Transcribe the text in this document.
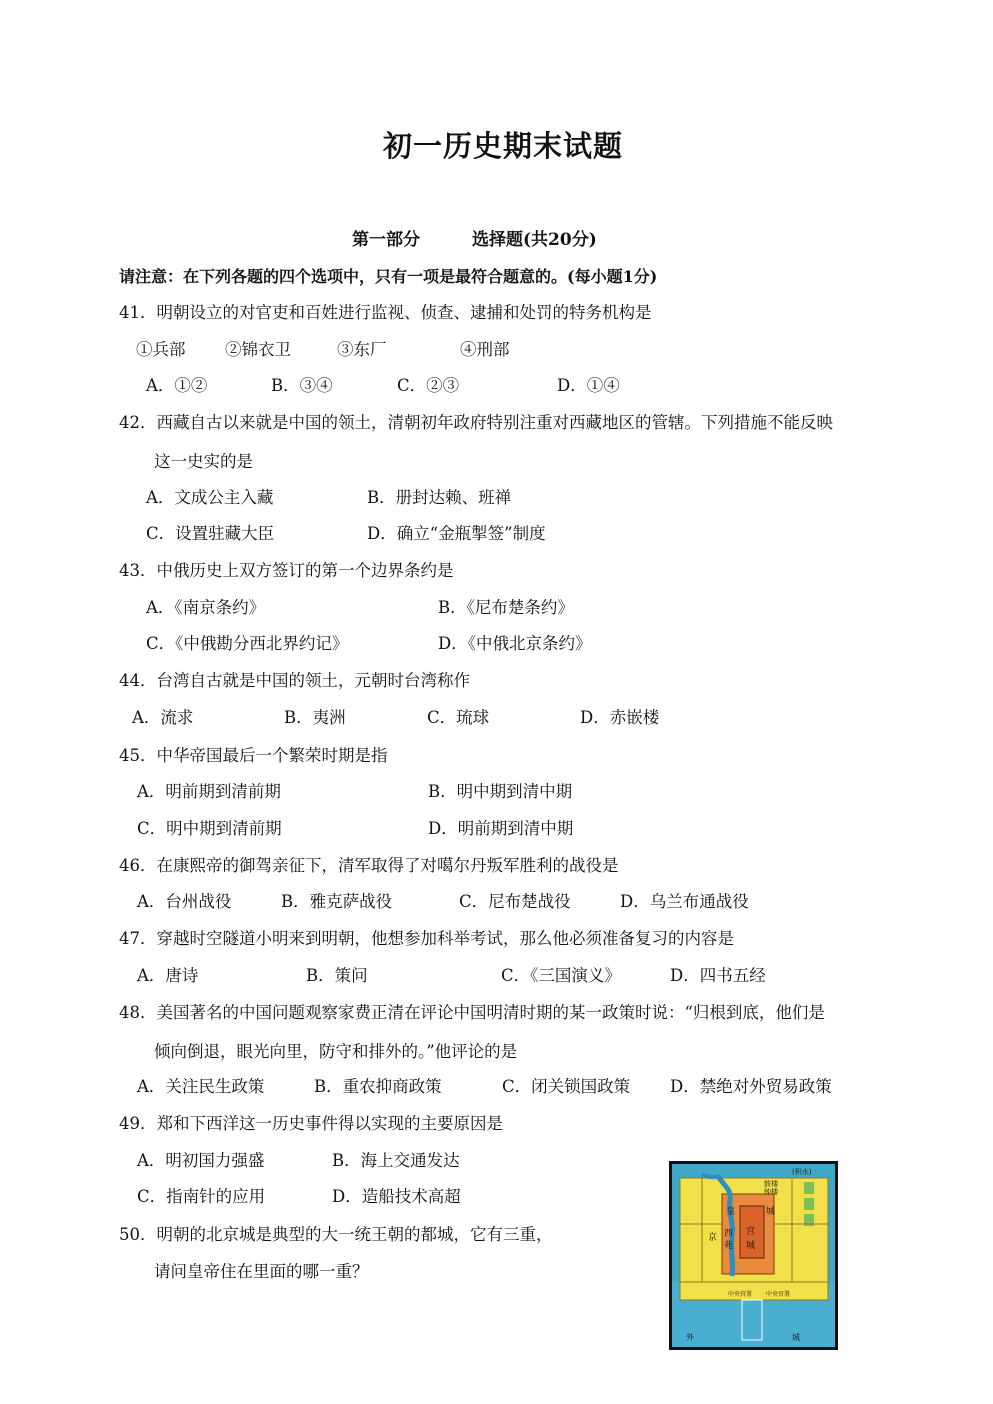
初一历史期末试题
第一部分	选择题(共20分)
请注意：在下列各题的四个选项中，只有一项是最符合题意的。(每小题1分)
41．明朝设立的对官吏和百姓进行监视、侦查、逮捕和处罚的特务机构是
①兵部 ②锦衣卫	③东厂	④刑部
A．①②	B．③④	C．②③	D．①④
42．西藏自古以来就是中国的领土，清朝初年政府特别注重对西藏地区的管辖。下列措施不能反映
这一史实的是
A．文成公主入藏	B．册封达赖、班禅
C．设置驻藏大臣	D．确立“金瓶掣签”制度
43．中俄历史上双方签订的第一个边界条约是
A．《南京条约》	B．《尼布楚条约》
C．《中俄勘分西北界约记》	D．《中俄北京条约》
44．台湾自古就是中国的领土，元朝时台湾称作
A．流求	B．夷洲	C．琉球	D．赤嵌楼
45．中华帝国最后一个繁荣时期是指
A．明前期到清前期	B．明中期到清中期
C．明中期到清前期	D．明前期到清中期
46．在康熙帝的御驾亲征下，清军取得了对噶尔丹叛军胜利的战役是
A．台州战役	B．雅克萨战役	C．尼布楚战役	D．乌兰布通战役
47．穿越时空隧道小明来到明朝，他想参加科举考试，那么他必须准备复习的内容是
A．唐诗	B．策问	C．《三国演义》	D．四书五经
48．美国著名的中国问题观察家费正清在评论中国明清时期的某一政策时说：“归根到底，他们是
倾向倒退，眼光向里，防守和排外的。”他评论的是
A．关注民生政策	B．重农抑商政策	C．闭关锁国政策 D．禁绝对外贸易政策
49．郑和下西洋这一历史事件得以实现的主要原因是
A．明初国力强盛	B．海上交通发达
C．指南针的应用	D．造船技术高超
50．明朝的北京城是典型的大一统王朝的都城，它有三重，
请问皇帝住在里面的哪一重？
皇	城
宫
城
西
苑
京
外	城
钟楼
鼓楼
中央官署 中央官署
(积水)
